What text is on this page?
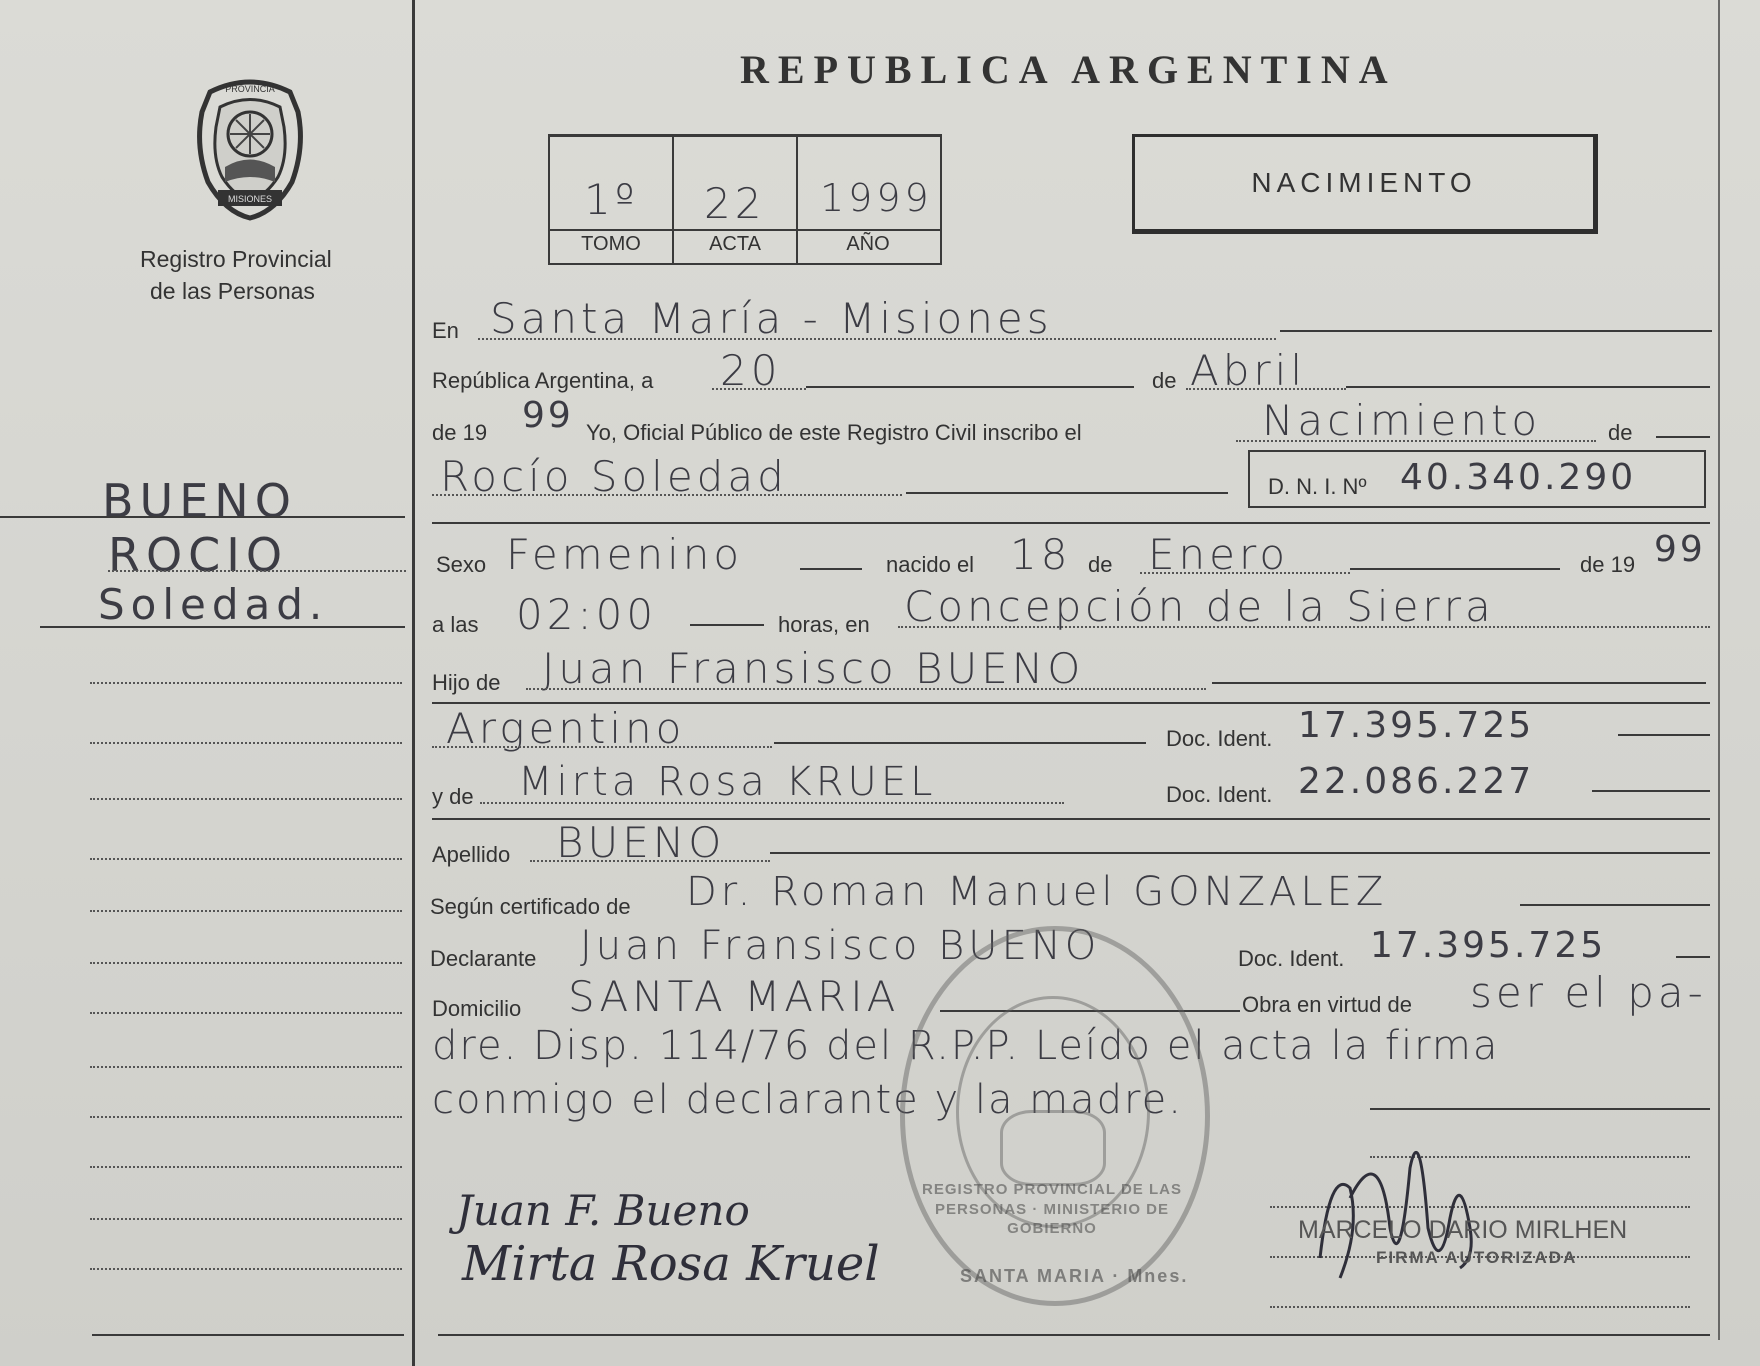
PROVINCIA
MISIONES
Registro Provincial
de las Personas
REPUBLICA ARGENTINA
1º 22 1999
TOMO	ACTA	AÑO
NACIMIENTO
BUENO
ROCIO
Soledad.
En Santa María - Misiones
República Argentina, a 20	de Abril
de 19 99 Yo, Oficial Público de este Registro Civil inscribo el	Nacimiento	de
Rocío Soledad	D. N. I. Nº 40.340.290
Sexo Femenino	nacido el 18 de Enero	de 19 99
a las 02:00	horas, en Concepción de la Sierra
Hijo de Juan Fransisco BUENO
Argentino	Doc. Ident. 17.395.725
y de Mirta Rosa KRUEL	Doc. Ident. 22.086.227
Apellido BUENO
Según certificado de Dr. Roman Manuel GONZALEZ
Declarante Juan Fransisco BUENO	Doc. Ident. 17.395.725
Domicilio SANTA MARIA	Obra en virtud de ser el pa-
dre. Disp. 114/76 del R.P.P. Leído el acta la firma
conmigo el declarante y la madre.
REGISTRO PROVINCIAL DE LAS PERSONAS · MINISTERIO DE GOBIERNO
SANTA MARIA · Mnes.
Juan F. Bueno
Mirta Rosa Kruel
MARCELO DARIO MIRLHEN
FIRMA AUTORIZADA
